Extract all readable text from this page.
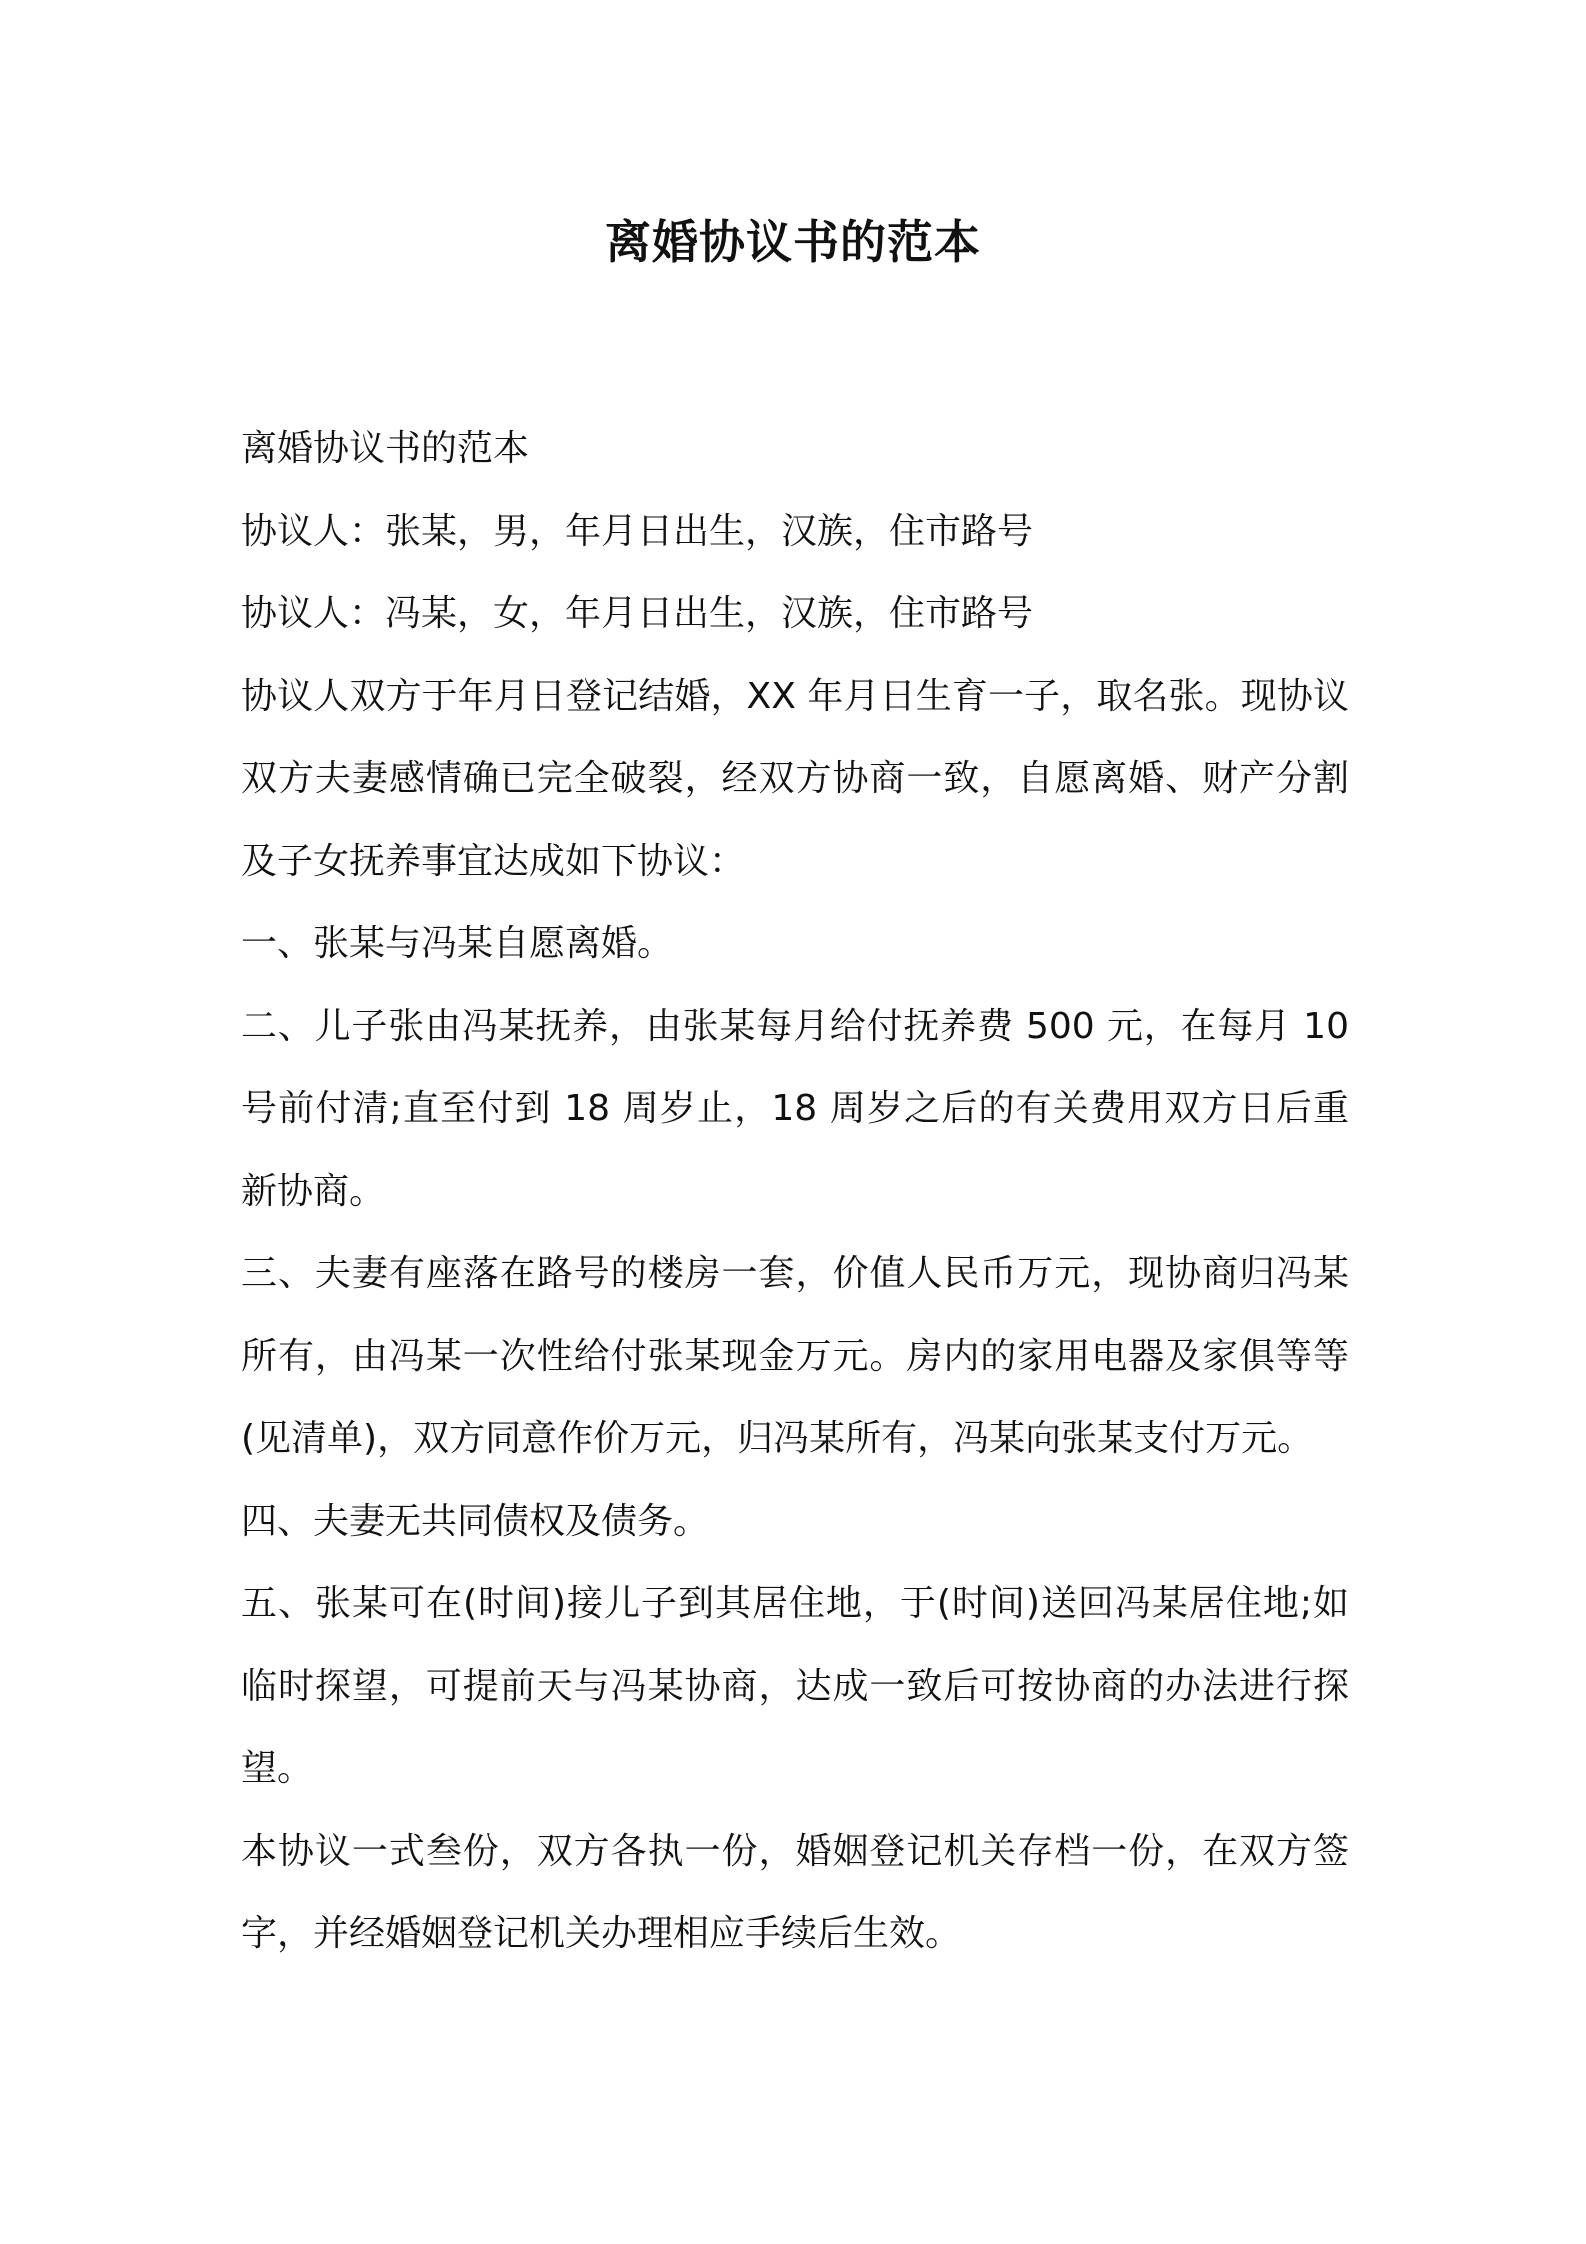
离婚协议书的范本

离婚协议书的范本

协议人：张某，男，年月日出生，汉族，住市路号

协议人：冯某，女，年月日出生，汉族，住市路号

协议人双方于年月日登记结婚，XX 年月日生育一子，取名张。现协议双方夫妻感情确已完全破裂，经双方协商一致，自愿离婚、财产分割及子女抚养事宜达成如下协议：

一、张某与冯某自愿离婚。

二、儿子张由冯某抚养，由张某每月给付抚养费 500 元，在每月 10 号前付清;直至付到 18 周岁止，18 周岁之后的有关费用双方日后重新协商。

三、夫妻有座落在路号的楼房一套，价值人民币万元，现协商归冯某所有，由冯某一次性给付张某现金万元。房内的家用电器及家俱等等(见清单)，双方同意作价万元，归冯某所有，冯某向张某支付万元。

四、夫妻无共同债权及债务。

五、张某可在(时间)接儿子到其居住地，于(时间)送回冯某居住地;如临时探望，可提前天与冯某协商，达成一致后可按协商的办法进行探望。

本协议一式叁份，双方各执一份，婚姻登记机关存档一份，在双方签字，并经婚姻登记机关办理相应手续后生效。
